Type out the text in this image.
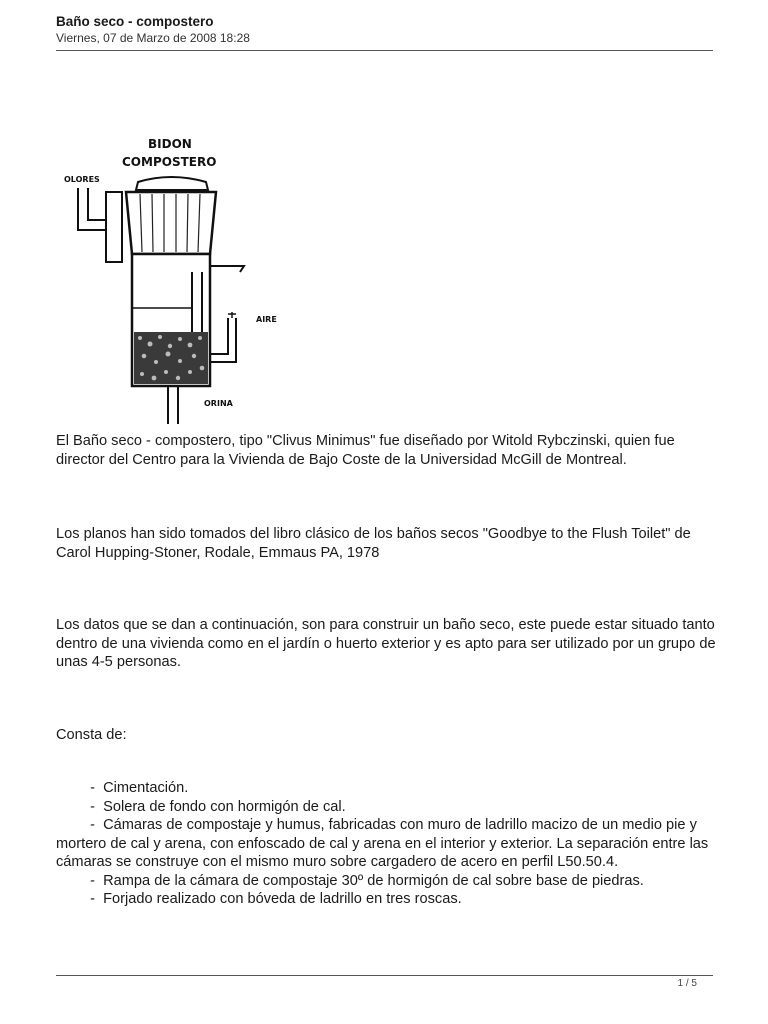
Baño seco - compostero

Viernes, 07 de Marzo de 2008 18:28

BIDON
COMPOSTERO
OLORES
AIRE
ORINA

El Baño seco - compostero, tipo "Clivus Minimus" fue diseñado por Witold Rybczinski, quien fue director del Centro para la Vivienda de Bajo Coste de la Universidad McGill de Montreal.

Los planos han sido tomados del libro clásico de los baños secos "Goodbye to the Flush Toilet" de Carol Hupping-Stoner, Rodale, Emmaus PA, 1978

Los datos que se dan a continuación, son para construir un baño seco, este puede estar situado tanto dentro de una vivienda como en el jardín o huerto exterior y es apto para ser utilizado por un grupo de unas 4-5 personas.

Consta de:

- Cimentación.
- Solera de fondo con hormigón de cal.
- Cámaras de compostaje y humus, fabricadas con muro de ladrillo macizo de un medio pie y mortero de cal y arena, con enfoscado de cal y arena en el interior y exterior. La separación entre las cámaras se construye con el mismo muro sobre cargadero de acero en perfil L50.50.4.
- Rampa de la cámara de compostaje 30º de hormigón de cal sobre base de piedras.
- Forjado realizado con bóveda de ladrillo en tres roscas.
1 / 5
